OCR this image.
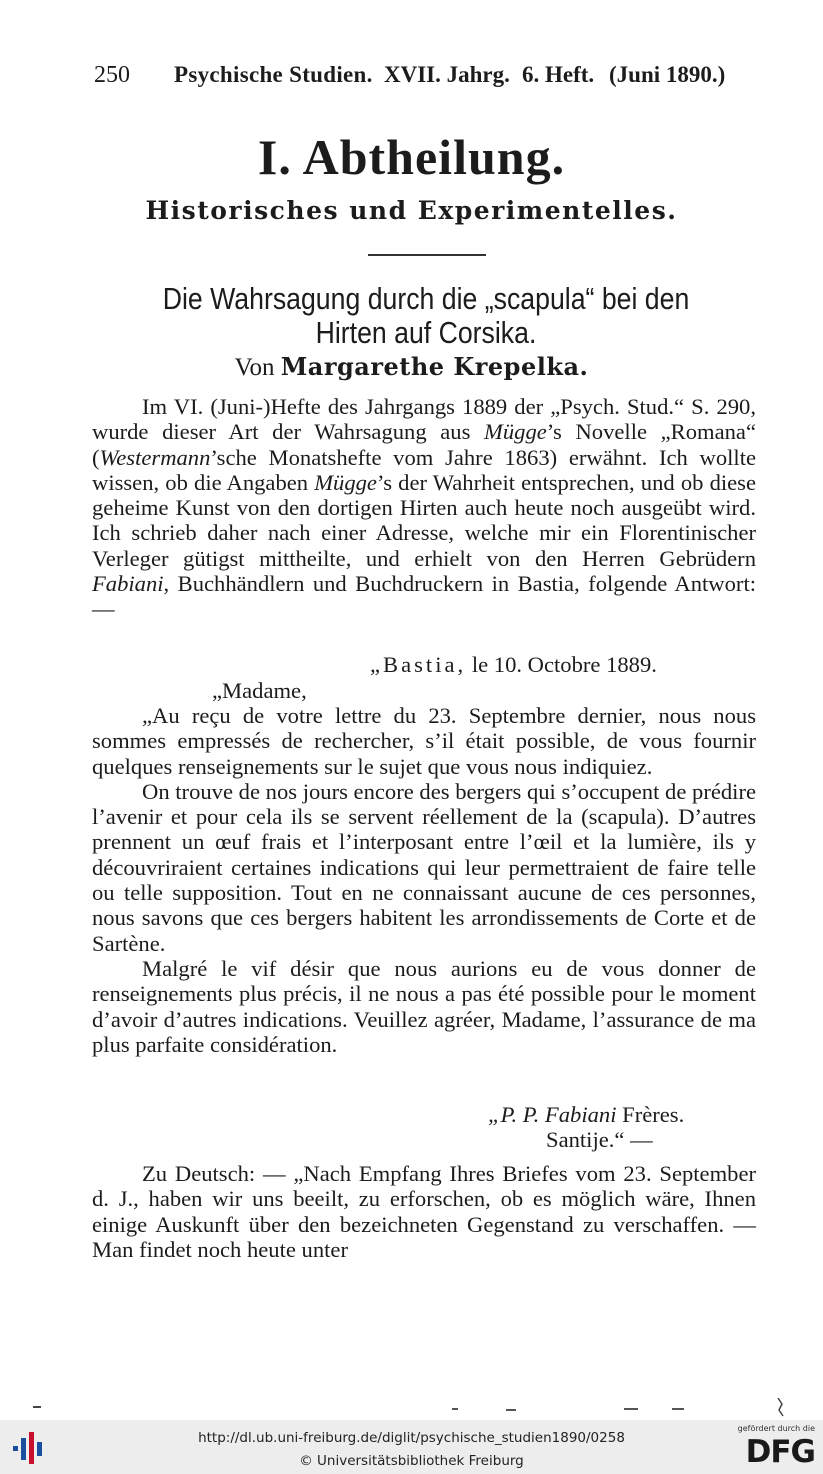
250 Psychische Studien. XVII. Jahrg. 6. Heft. (Juni 1890.)
I. Abtheilung.
Historisches und Experimentelles.
Die Wahrsagung durch die „scapula“ bei den Hirten auf Corsika.
Von Margarethe Krepelka.

Im VI. (Juni-)Hefte des Jahrgangs 1889 der „Psych. Stud.“ S. 290, wurde dieser Art der Wahrsagung aus Mügge’s Novelle „Romana“ (Westermann’sche Monatshefte vom Jahre 1863) erwähnt. Ich wollte wissen, ob die Angaben Mügge’s der Wahrheit entsprechen, und ob diese geheime Kunst von den dortigen Hirten auch heute noch ausgeübt wird. Ich schrieb daher nach einer Adresse, welche mir ein Florentinischer Verleger gütigst mittheilte, und erhielt von den Herren Gebrüdern Fabiani, Buchhändlern und Buchdruckern in Bastia, folgende Antwort: —

„Bastia, le 10. Octobre 1889.
„Madame,

„Au reçu de votre lettre du 23. Septembre dernier, nous nous sommes empressés de rechercher, s’il était possible, de vous fournir quelques renseignements sur le sujet que vous nous indiquiez.

On trouve de nos jours encore des bergers qui s’occupent de prédire l’avenir et pour cela ils se servent réellement de la (scapula). D’autres prennent un œuf frais et l’interposant entre l’œil et la lumière, ils y découvriraient certaines indications qui leur permettraient de faire telle ou telle supposition. Tout en ne connaissant aucune de ces personnes, nous savons que ces bergers habitent les arrondissements de Corte et de Sartène.

Malgré le vif désir que nous aurions eu de vous donner de renseignements plus précis, il ne nous a pas été possible pour le moment d’avoir d’autres indications. Veuillez agréer, Madame, l’assurance de ma plus parfaite considération.

„P. P. Fabiani Frères.
Santije.“ —

Zu Deutsch: — „Nach Empfang Ihres Briefes vom 23. September d. J., haben wir uns beeilt, zu erforschen, ob es möglich wäre, Ihnen einige Auskunft über den bezeichneten Gegenstand zu verschaffen. — Man findet noch heute unter

http://dl.ub.uni-freiburg.de/diglit/psychische_studien1890/0258
© Universitätsbibliothek Freiburg
gefördert durch die
DFG
